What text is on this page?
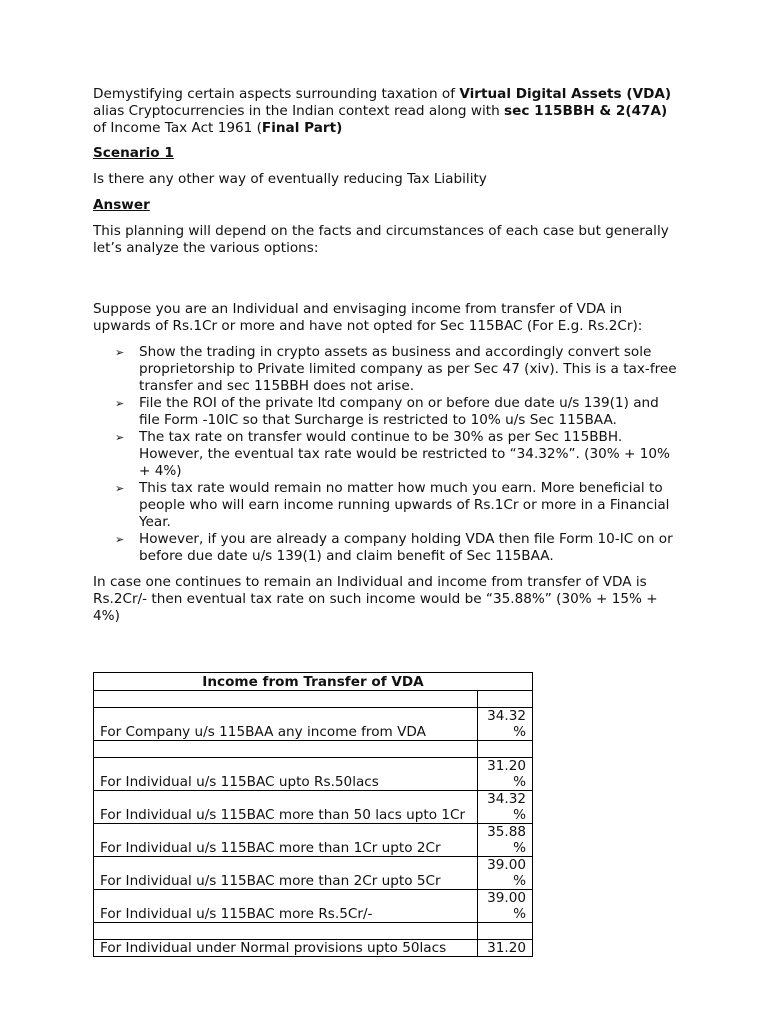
Demystifying certain aspects surrounding taxation of Virtual Digital Assets (VDA) alias Cryptocurrencies in the Indian context read along with sec 115BBH & 2(47A) of Income Tax Act 1961 (Final Part)

Scenario 1

Is there any other way of eventually reducing Tax Liability

Answer

This planning will depend on the facts and circumstances of each case but generally let’s analyze the various options:

Suppose you are an Individual and envisaging income from transfer of VDA in upwards of Rs.1Cr or more and have not opted for Sec 115BAC (For E.g. Rs.2Cr):

➢ Show the trading in crypto assets as business and accordingly convert sole proprietorship to Private limited company as per Sec 47 (xiv). This is a tax-free transfer and sec 115BBH does not arise.
➢ File the ROI of the private ltd company on or before due date u/s 139(1) and file Form -10IC so that Surcharge is restricted to 10% u/s Sec 115BAA.
➢ The tax rate on transfer would continue to be 30% as per Sec 115BBH. However, the eventual tax rate would be restricted to “34.32%”. (30% + 10% + 4%)
➢ This tax rate would remain no matter how much you earn. More beneficial to people who will earn income running upwards of Rs.1Cr or more in a Financial Year.
➢ However, if you are already a company holding VDA then file Form 10-IC on or before due date u/s 139(1) and claim benefit of Sec 115BAA.

In case one continues to remain an Individual and income from transfer of VDA is Rs.2Cr/- then eventual tax rate on such income would be “35.88%” (30% + 15% + 4%)

Income from Transfer of VDA	

For Company u/s 115BAA any income from VDA	34.32 %

For Individual u/s 115BAC upto Rs.50lacs	31.20 %
For Individual u/s 115BAC more than 50 lacs upto 1Cr	34.32 %
For Individual u/s 115BAC more than 1Cr upto 2Cr	35.88 %
For Individual u/s 115BAC more than 2Cr upto 5Cr	39.00 %
For Individual u/s 115BAC more Rs.5Cr/-	39.00 %

For Individual under Normal provisions upto 50lacs	31.20
